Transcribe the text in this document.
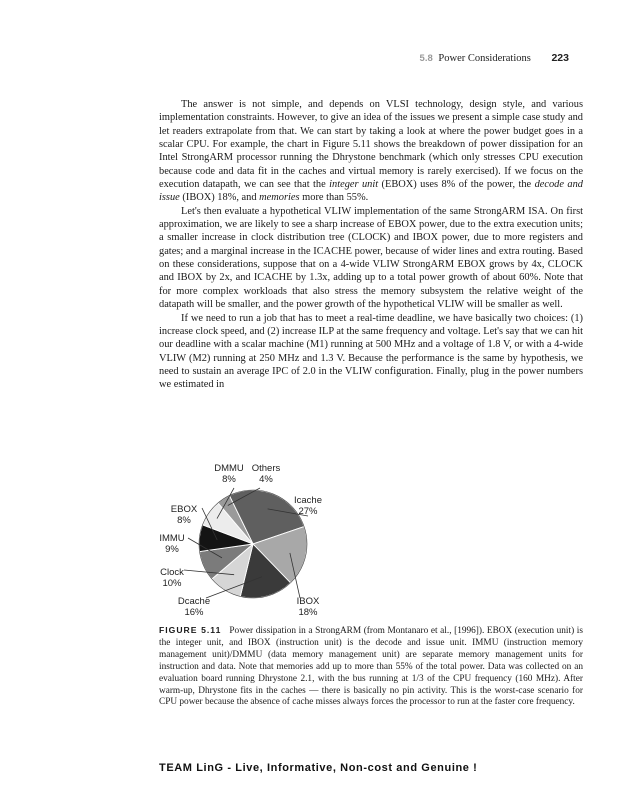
5.8 Power Considerations 223

The answer is not simple, and depends on VLSI technology, design style, and various implementation constraints. However, to give an idea of the issues we present a simple case study and let readers extrapolate from that. We can start by taking a look at where the power budget goes in a scalar CPU. For example, the chart in Figure 5.11 shows the breakdown of power dissipation for an Intel StrongARM processor running the Dhrystone benchmark (which only stresses CPU execution because code and data fit in the caches and virtual memory is rarely exercised). If we focus on the execution datapath, we can see that the integer unit (EBOX) uses 8% of the power, the decode and issue (IBOX) 18%, and memories more than 55%.

Let's then evaluate a hypothetical VLIW implementation of the same StrongARM ISA. On first approximation, we are likely to see a sharp increase of EBOX power, due to the extra execution units; a smaller increase in clock distribution tree (CLOCK) and IBOX power, due to more registers and gates; and a marginal increase in the ICACHE power, because of wider lines and extra routing. Based on these considerations, suppose that on a 4-wide VLIW StrongARM EBOX grows by 4x, CLOCK and IBOX by 2x, and ICACHE by 1.3x, adding up to a total power growth of about 60%. Note that for more complex workloads that also stress the memory subsystem the relative weight of the datapath will be smaller, and the power growth of the hypothetical VLIW will be smaller as well.

If we need to run a job that has to meet a real-time deadline, we have basically two choices: (1) increase clock speed, and (2) increase ILP at the same frequency and voltage. Let's say that we can hit our deadline with a scalar machine (M1) running at 500 MHz and a voltage of 1.8 V, or with a 4-wide VLIW (M2) running at 250 MHz and 1.3 V. Because the performance is the same by hypothesis, we need to sustain an average IPC of 2.0 in the VLIW configuration. Finally, plug in the power numbers we estimated in

Icache
27%
IBOX
18%
Dcache
16%
Clock
10%
IMMU
9%
EBOX
8%
DMMU
8%
Others
4%
FIGURE 5.11 Power dissipation in a StrongARM (from Montanaro et al., [1996]). EBOX (execution unit) is the integer unit, and IBOX (instruction unit) is the decode and issue unit. IMMU (instruction memory management unit)/DMMU (data memory management unit) are separate memory management units for instruction and data. Note that memories add up to more than 55% of the total power. Data was collected on an evaluation board running Dhrystone 2.1, with the bus running at 1/3 of the CPU frequency (160 MHz). After warm-up, Dhrystone fits in the caches — there is basically no pin activity. This is the worst-case scenario for CPU power because the absence of cache misses always forces the processor to run at the faster core frequency.
TEAM LinG - Live, Informative, Non-cost and Genuine !
